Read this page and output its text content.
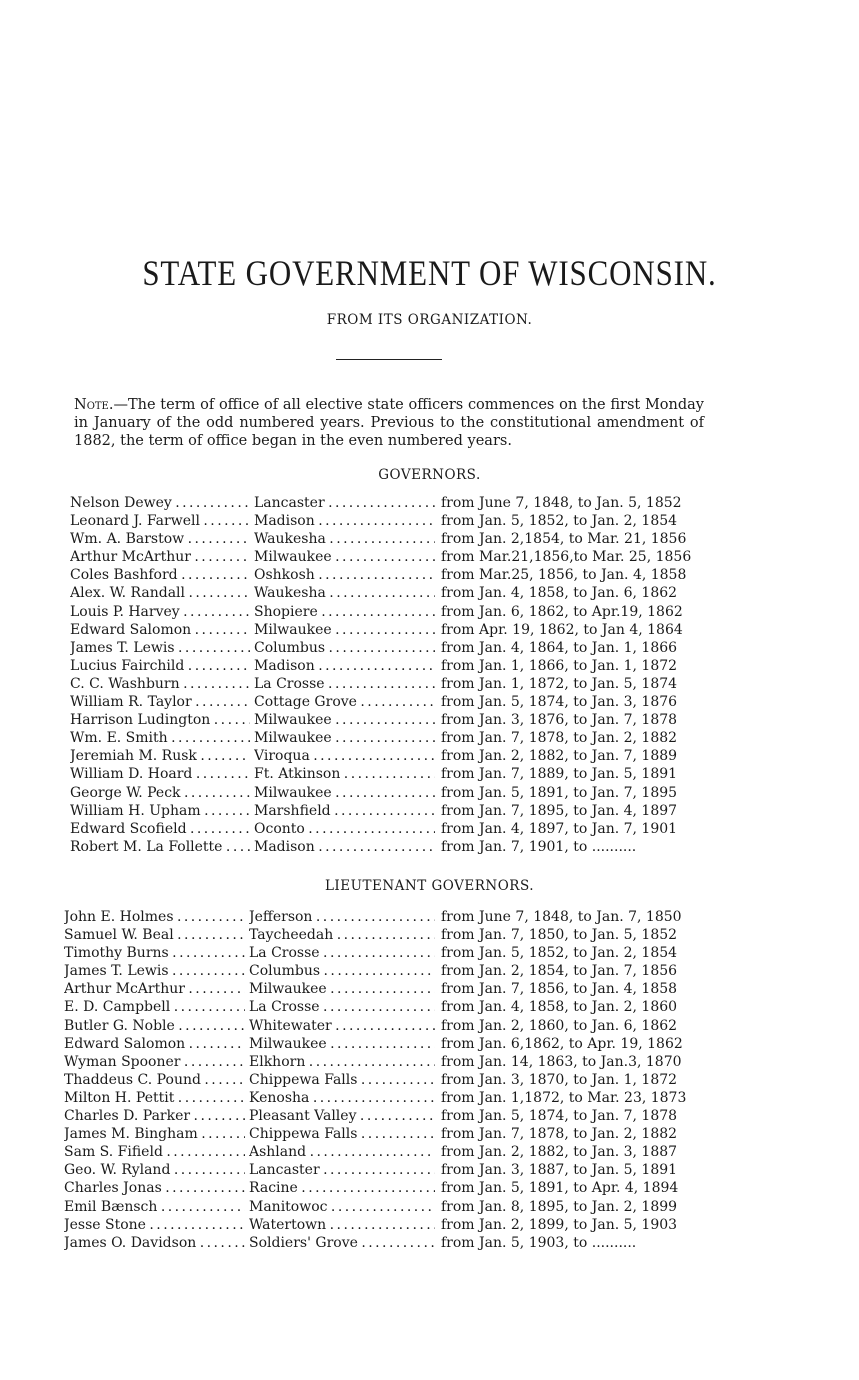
STATE GOVERNMENT OF WISCONSIN.
FROM ITS ORGANIZATION.
Note.—The term of office of all elective state officers commences on the first Monday in January of the odd numbered years. Previous to the constitutional amendment of 1882, the term of office began in the even numbered years.
GOVERNORS.
Nelson Dewey . . .	Lancaster . . .	from June 7, 1848, to Jan. 5, 1852
Leonard J. Farwell . . .	Madison . . .	from Jan. 5, 1852, to Jan. 2, 1854
Wm. A. Barstow . . .	Waukesha . . .	from Jan. 2,1854, to Mar. 21, 1856
Arthur McArthur . . .	Milwaukee . . .	from Mar.21,1856,to Mar. 25, 1856
Coles Bashford . . .	Oshkosh . . .	from Mar.25, 1856, to Jan. 4, 1858
Alex. W. Randall . . .	Waukesha . . .	from Jan. 4, 1858, to Jan. 6, 1862
Louis P. Harvey . . .	Shopiere . . .	from Jan. 6, 1862, to Apr.19, 1862
Edward Salomon . . .	Milwaukee . . .	from Apr. 19, 1862, to Jan 4, 1864
James T. Lewis . . .	Columbus . . .	from Jan. 4, 1864, to Jan. 1, 1866
Lucius Fairchild . . .	Madison . . .	from Jan. 1, 1866, to Jan. 1, 1872
C. C. Washburn . . .	La Crosse . . .	from Jan. 1, 1872, to Jan. 5, 1874
William R. Taylor . . .	Cottage Grove . . .	from Jan. 5, 1874, to Jan. 3, 1876
Harrison Ludington . . .	Milwaukee . . .	from Jan. 3, 1876, to Jan. 7, 1878
Wm. E. Smith . . .	Milwaukee . . .	from Jan. 7, 1878, to Jan. 2, 1882
Jeremiah M. Rusk . . .	Viroqua . . .	from Jan. 2, 1882, to Jan. 7, 1889
William D. Hoard . . .	Ft. Atkinson . . .	from Jan. 7, 1889, to Jan. 5, 1891
George W. Peck . . .	Milwaukee . . .	from Jan. 5, 1891, to Jan. 7, 1895
William H. Upham . . .	Marshfield . . .	from Jan. 7, 1895, to Jan. 4, 1897
Edward Scofield . . .	Oconto . . .	from Jan. 4, 1897, to Jan. 7, 1901
Robert M. La Follette . . .	Madison . . .	from Jan. 7, 1901, to ..........
LIEUTENANT GOVERNORS.
John E. Holmes . . .	Jefferson . . .	from June 7, 1848, to Jan. 7, 1850
Samuel W. Beal . . .	Taycheedah . . .	from Jan. 7, 1850, to Jan. 5, 1852
Timothy Burns . . .	La Crosse . . .	from Jan. 5, 1852, to Jan. 2, 1854
James T. Lewis . . .	Columbus . . .	from Jan. 2, 1854, to Jan. 7, 1856
Arthur McArthur . . .	Milwaukee . . .	from Jan. 7, 1856, to Jan. 4, 1858
E. D. Campbell . . .	La Crosse . . .	from Jan. 4, 1858, to Jan. 2, 1860
Butler G. Noble . . .	Whitewater . . .	from Jan. 2, 1860, to Jan. 6, 1862
Edward Salomon . . .	Milwaukee . . .	from Jan. 6,1862, to Apr. 19, 1862
Wyman Spooner . . .	Elkhorn . . .	from Jan. 14, 1863, to Jan.3, 1870
Thaddeus C. Pound . . .	Chippewa Falls . . .	from Jan. 3, 1870, to Jan. 1, 1872
Milton H. Pettit . . .	Kenosha . . .	from Jan. 1,1872, to Mar. 23, 1873
Charles D. Parker . . .	Pleasant Valley . . .	from Jan. 5, 1874, to Jan. 7, 1878
James M. Bingham . . .	Chippewa Falls . . .	from Jan. 7, 1878, to Jan. 2, 1882
Sam S. Fifield . . .	Ashland . . .	from Jan. 2, 1882, to Jan. 3, 1887
Geo. W. Ryland . . .	Lancaster . . .	from Jan. 3, 1887, to Jan. 5, 1891
Charles Jonas . . .	Racine . . .	from Jan. 5, 1891, to Apr. 4, 1894
Emil Bænsch . . .	Manitowoc . . .	from Jan. 8, 1895, to Jan. 2, 1899
Jesse Stone . . .	Watertown . . .	from Jan. 2, 1899, to Jan. 5, 1903
James O. Davidson . . .	Soldiers' Grove . . .	from Jan. 5, 1903, to ..........
